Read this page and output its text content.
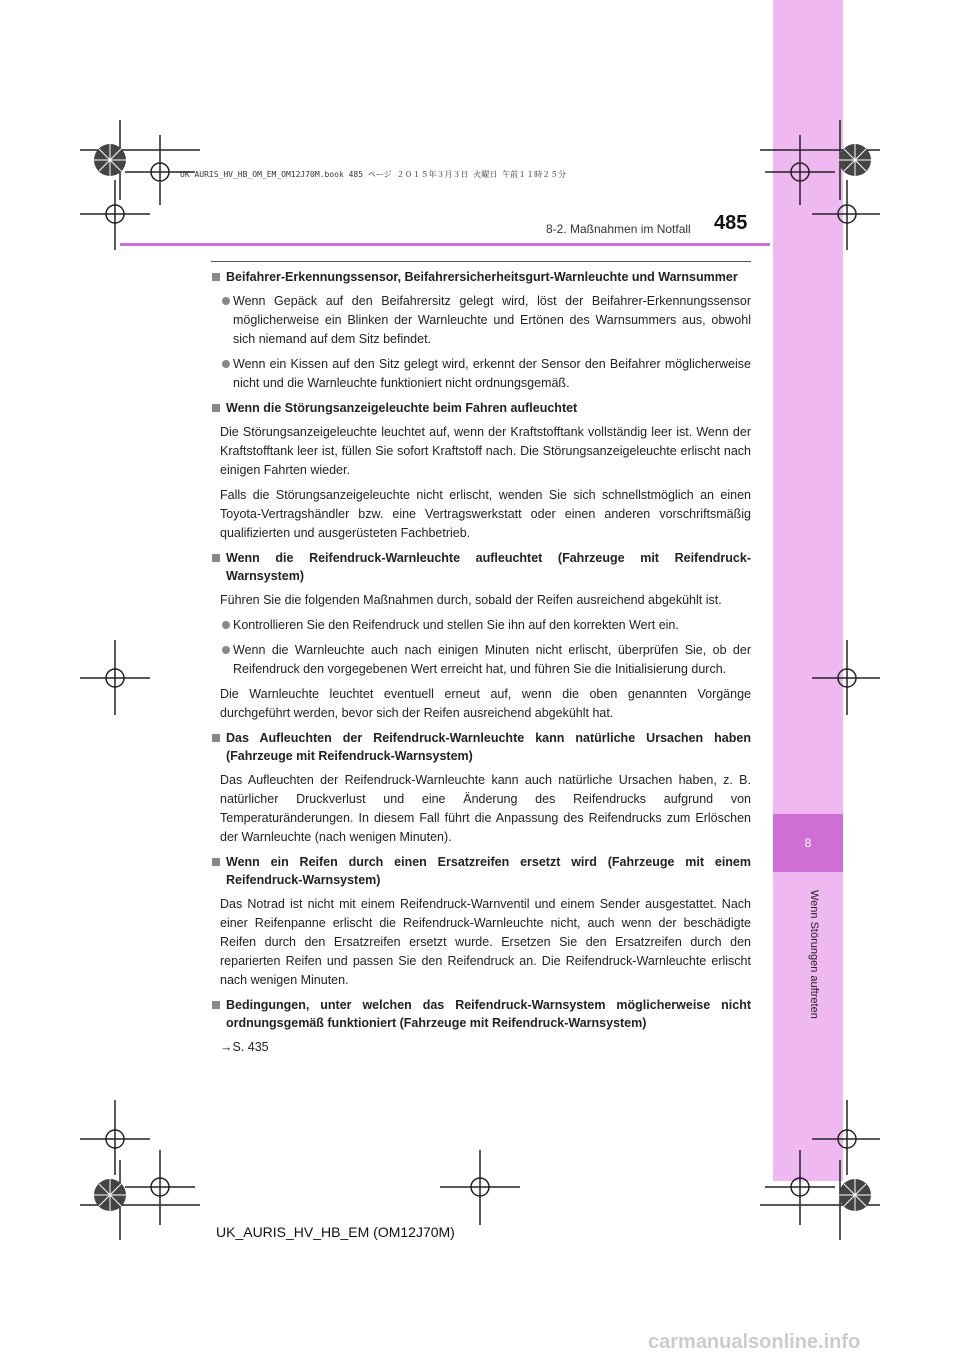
8
Wenn Störungen auftreten
UK AURIS_HV_HB_OM_EM_OM12J70M.book 485 ページ ２０１５年３月３日 火曜日 午前１１時２５分
8-2. Maßnahmen im Notfall 485
Beifahrer-Erkennungssensor, Beifahrersicherheitsgurt-Warnleuchte und Warnsummer
Wenn Gepäck auf den Beifahrersitz gelegt wird, löst der Beifahrer-Erkennungssensor möglicherweise ein Blinken der Warnleuchte und Ertönen des Warnsummers aus, obwohl sich niemand auf dem Sitz befindet.
Wenn ein Kissen auf den Sitz gelegt wird, erkennt der Sensor den Beifahrer möglicherweise nicht und die Warnleuchte funktioniert nicht ordnungsgemäß.
Wenn die Störungsanzeigeleuchte beim Fahren aufleuchtet
Die Störungsanzeigeleuchte leuchtet auf, wenn der Kraftstofftank vollständig leer ist. Wenn der Kraftstofftank leer ist, füllen Sie sofort Kraftstoff nach. Die Störungsanzeigeleuchte erlischt nach einigen Fahrten wieder.
Falls die Störungsanzeigeleuchte nicht erlischt, wenden Sie sich schnellstmöglich an einen Toyota-Vertragshändler bzw. eine Vertragswerkstatt oder einen anderen vorschriftsmäßig qualifizierten und ausgerüsteten Fachbetrieb.
Wenn die Reifendruck-Warnleuchte aufleuchtet (Fahrzeuge mit Reifendruck-Warnsystem)
Führen Sie die folgenden Maßnahmen durch, sobald der Reifen ausreichend abgekühlt ist.
Kontrollieren Sie den Reifendruck und stellen Sie ihn auf den korrekten Wert ein.
Wenn die Warnleuchte auch nach einigen Minuten nicht erlischt, überprüfen Sie, ob der Reifendruck den vorgegebenen Wert erreicht hat, und führen Sie die Initialisierung durch.
Die Warnleuchte leuchtet eventuell erneut auf, wenn die oben genannten Vorgänge durchgeführt werden, bevor sich der Reifen ausreichend abgekühlt hat.
Das Aufleuchten der Reifendruck-Warnleuchte kann natürliche Ursachen haben (Fahrzeuge mit Reifendruck-Warnsystem)
Das Aufleuchten der Reifendruck-Warnleuchte kann auch natürliche Ursachen haben, z. B. natürlicher Druckverlust und eine Änderung des Reifendrucks aufgrund von Temperaturänderungen. In diesem Fall führt die Anpassung des Reifendrucks zum Erlöschen der Warnleuchte (nach wenigen Minuten).
Wenn ein Reifen durch einen Ersatzreifen ersetzt wird (Fahrzeuge mit einem Reifendruck-Warnsystem)
Das Notrad ist nicht mit einem Reifendruck-Warnventil und einem Sender ausgestattet. Nach einer Reifenpanne erlischt die Reifendruck-Warnleuchte nicht, auch wenn der beschädigte Reifen durch den Ersatzreifen ersetzt wurde. Ersetzen Sie den Ersatzreifen durch den reparierten Reifen und passen Sie den Reifendruck an. Die Reifendruck-Warnleuchte erlischt nach wenigen Minuten.
Bedingungen, unter welchen das Reifendruck-Warnsystem möglicherweise nicht ordnungsgemäß funktioniert (Fahrzeuge mit Reifendruck-Warnsystem)
→S. 435
UK_AURIS_HV_HB_EM (OM12J70M)
carmanualsonline.info
